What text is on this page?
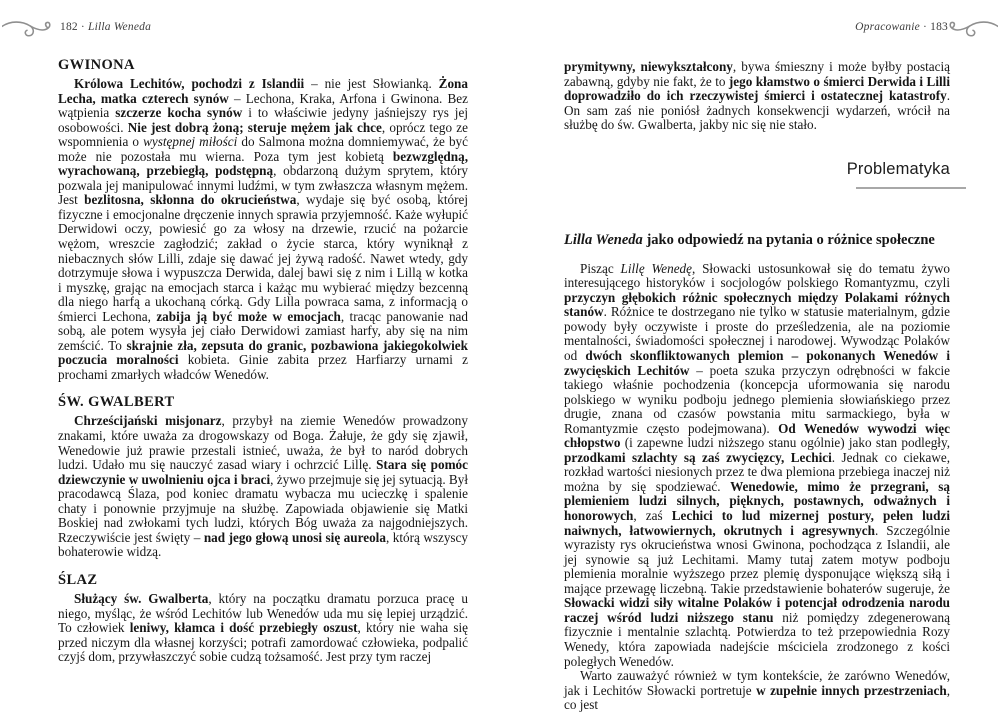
182 · Lilla Weneda	Opracowanie · 183
GWINONA

Królowa Lechitów, pochodzi z Islandii – nie jest Słowianką. Żona Lecha, matka czterech synów – Lechona, Kraka, Arfona i Gwinona. Bez wątpienia szczerze kocha synów i to właściwie jedyny jaśniejszy rys jej osobowości. Nie jest dobrą żoną; steruje mężem jak chce, oprócz tego ze wspomnienia o występnej miłości do Salmona można domniemywać, że być może nie pozostała mu wierna. Poza tym jest kobietą bezwzględną, wyrachowaną, przebiegłą, podstępną, obdarzoną dużym sprytem, który pozwala jej manipulować innymi ludźmi, w tym zwłaszcza własnym mężem. Jest bezlitosna, skłonna do okrucieństwa, wydaje się być osobą, której fizyczne i emocjonalne dręczenie innych sprawia przyjemność. Każe wyłupić Derwidowi oczy, powiesić go za włosy na drzewie, rzucić na pożarcie wężom, wreszcie zagłodzić; zakład o życie starca, który wyniknął z niebacznych słów Lilli, zdaje się dawać jej żywą radość. Nawet wtedy, gdy dotrzymuje słowa i wypuszcza Derwida, dalej bawi się z nim i Lillą w kotka i myszkę, grając na emocjach starca i każąc mu wybierać między bezcenną dla niego harfą a ukochaną córką. Gdy Lilla powraca sama, z informacją o śmierci Lechona, zabija ją być może w emocjach, tracąc panowanie nad sobą, ale potem wysyła jej ciało Derwidowi zamiast harfy, aby się na nim zemścić. To skrajnie zła, zepsuta do granic, pozbawiona jakiegokolwiek poczucia moralności kobieta. Ginie zabita przez Harfiarzy urnami z prochami zmarłych władców Wenedów.

ŚW. GWALBERT

Chrześcijański misjonarz, przybył na ziemie Wenedów prowadzony znakami, które uważa za drogowskazy od Boga. Żałuje, że gdy się zjawił, Wenedowie już prawie przestali istnieć, uważa, że był to naród dobrych ludzi. Udało mu się nauczyć zasad wiary i ochrzcić Lillę. Stara się pomóc dziewczynie w uwolnieniu ojca i braci, żywo przejmuje się jej sytuacją. Był pracodawcą Ślaza, pod koniec dramatu wybacza mu ucieczkę i spalenie chaty i ponownie przyjmuje na służbę. Zapowiada objawienie się Matki Boskiej nad zwłokami tych ludzi, których Bóg uważa za najgodniejszych. Rzeczywiście jest święty – nad jego głową unosi się aureola, którą wszyscy bohaterowie widzą.

ŚLAZ

Służący św. Gwalberta, który na początku dramatu porzuca pracę u niego, myśląc, że wśród Lechitów lub Wenedów uda mu się lepiej urządzić. To człowiek leniwy, kłamca i dość przebiegły oszust, który nie waha się przed niczym dla własnej korzyści; potrafi zamordować człowieka, podpalić czyjś dom, przywłaszczyć sobie cudzą tożsamość. Jest przy tym raczej

prymitywny, niewykształcony, bywa śmieszny i może byłby postacią zabawną, gdyby nie fakt, że to jego kłamstwo o śmierci Derwida i Lilli doprowadziło do ich rzeczywistej śmierci i ostatecznej katastrofy. On sam zaś nie poniósł żadnych konsekwencji wydarzeń, wrócił na służbę do św. Gwalberta, jakby nic się nie stało.

Problematyka
Lilla Weneda jako odpowiedź na pytania o różnice społeczne

Pisząc Lillę Wenedę, Słowacki ustosunkował się do tematu żywo interesującego historyków i socjologów polskiego Romantyzmu, czyli przyczyn głębokich różnic społecznych między Polakami różnych stanów. Różnice te dostrzegano nie tylko w statusie materialnym, gdzie powody były oczywiste i proste do prześledzenia, ale na poziomie mentalności, świadomości społecznej i narodowej. Wywodząc Polaków od dwóch skonfliktowanych plemion – pokonanych Wenedów i zwycięskich Lechitów – poeta szuka przyczyn odrębności w fakcie takiego właśnie pochodzenia (koncepcja uformowania się narodu polskiego w wyniku podboju jednego plemienia słowiańskiego przez drugie, znana od czasów powstania mitu sarmackiego, była w Romantyzmie często podejmowana). Od Wenedów wywodzi więc chłopstwo (i zapewne ludzi niższego stanu ogólnie) jako stan podległy, przodkami szlachty są zaś zwycięzcy, Lechici. Jednak co ciekawe, rozkład wartości niesionych przez te dwa plemiona przebiega inaczej niż można by się spodziewać. Wenedowie, mimo że przegrani, są plemieniem ludzi silnych, pięknych, postawnych, odważnych i honorowych, zaś Lechici to lud mizernej postury, pełen ludzi naiwnych, łatwowiernych, okrutnych i agresywnych. Szczególnie wyrazisty rys okrucieństwa wnosi Gwinona, pochodząca z Islandii, ale jej synowie są już Lechitami. Mamy tutaj zatem motyw podboju plemienia moralnie wyższego przez plemię dysponujące większą siłą i mające przewagę liczebną. Takie przedstawienie bohaterów sugeruje, że Słowacki widzi siły witalne Polaków i potencjał odrodzenia narodu raczej wśród ludzi niższego stanu niż pomiędzy zdegenerowaną fizycznie i mentalnie szlachtą. Potwierdza to też przepowiednia Rozy Wenedy, która zapowiada nadejście mściciela zrodzonego z kości poległych Wenedów.

Warto zauważyć również w tym kontekście, że zarówno Wenedów, jak i Lechitów Słowacki portretuje w zupełnie innych przestrzeniach, co jest
